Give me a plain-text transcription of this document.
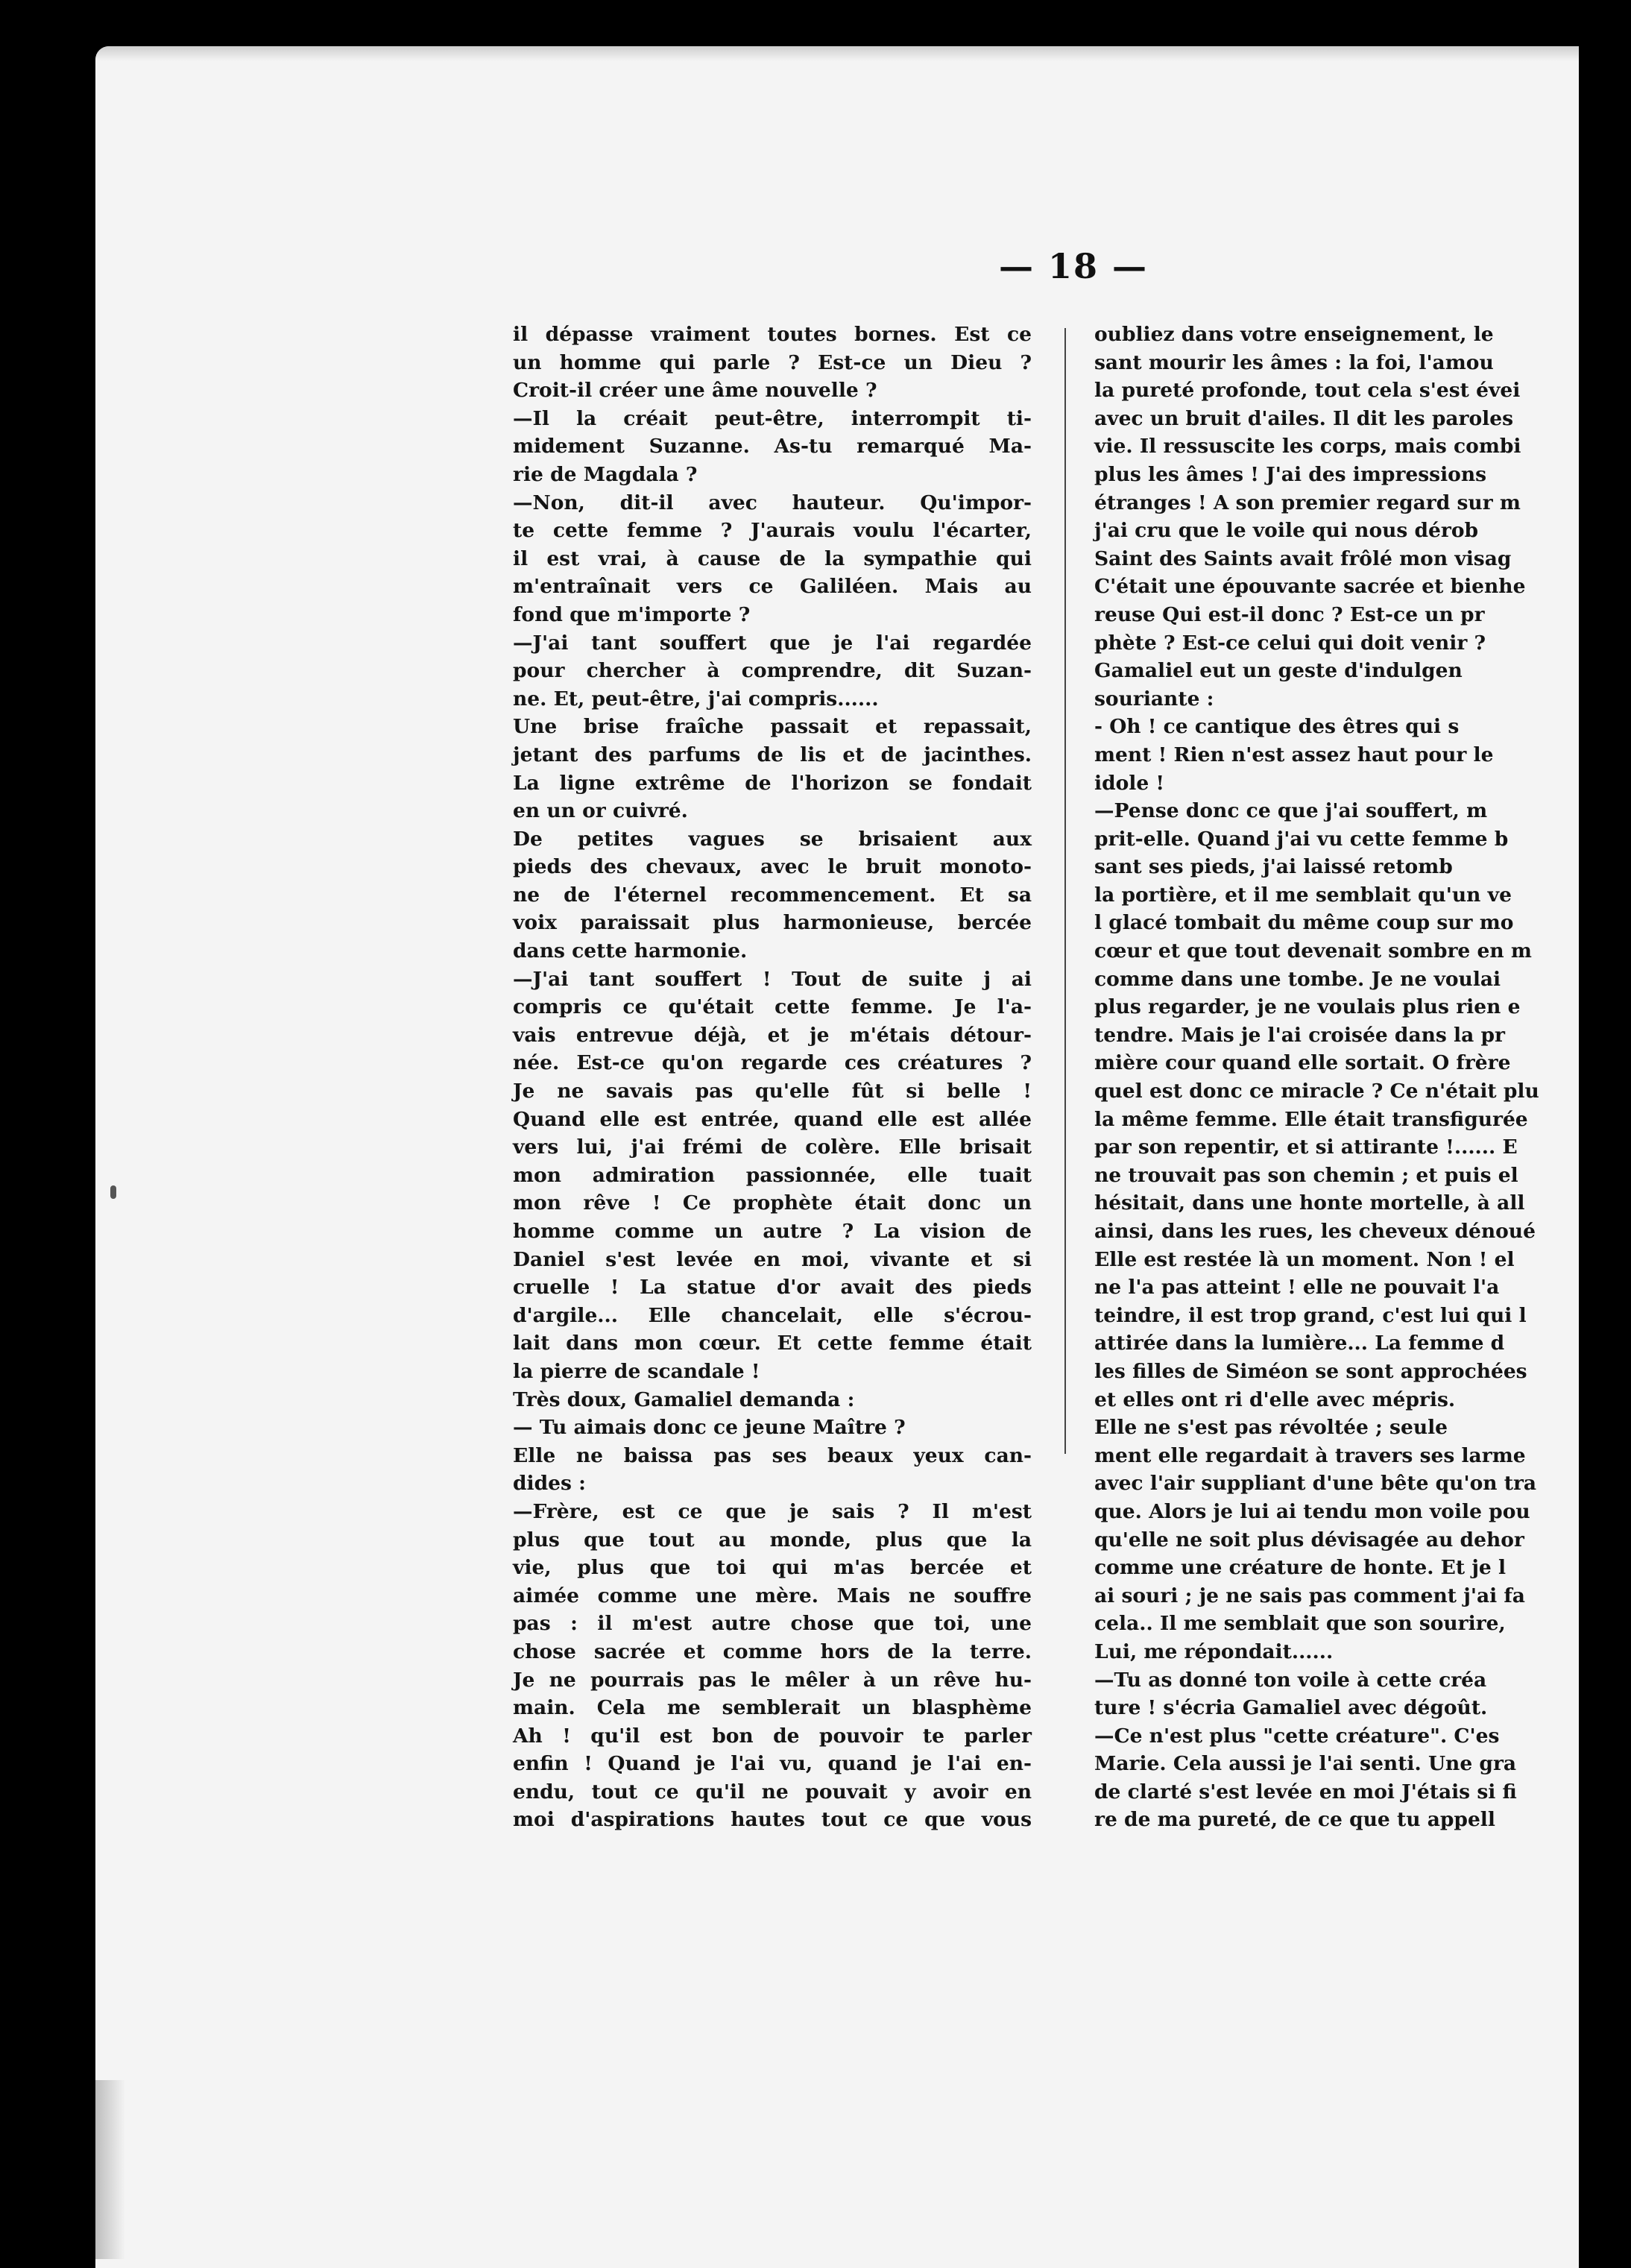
— 18 —
il dépasse vraiment toutes bornes. Est ce
un homme qui parle ? Est-ce un Dieu ?
Croit-il créer une âme nouvelle ?
—Il la créait peut-être, interrompit ti-
midement Suzanne. As-tu remarqué Ma-
rie de Magdala ?
—Non, dit-il avec hauteur. Qu'impor-
te cette femme ? J'aurais voulu l'écarter,
il est vrai, à cause de la sympathie qui
m'entraînait vers ce Galiléen. Mais au
fond que m'importe ?
—J'ai tant souffert que je l'ai regardée
pour chercher à comprendre, dit Suzan-
ne. Et, peut-être, j'ai compris......
Une brise fraîche passait et repassait,
jetant des parfums de lis et de jacinthes.
La ligne extrême de l'horizon se fondait
en un or cuivré.
De petites vagues se brisaient aux
pieds des chevaux, avec le bruit monoto-
ne de l'éternel recommencement. Et sa
voix paraissait plus harmonieuse, bercée
dans cette harmonie.
—J'ai tant souffert ! Tout de suite j ai
compris ce qu'était cette femme. Je l'a-
vais entrevue déjà, et je m'étais détour-
née. Est-ce qu'on regarde ces créatures ?
Je ne savais pas qu'elle fût si belle !
Quand elle est entrée, quand elle est allée
vers lui, j'ai frémi de colère. Elle brisait
mon admiration passionnée, elle tuait
mon rêve ! Ce prophète était donc un
homme comme un autre ? La vision de
Daniel s'est levée en moi, vivante et si
cruelle ! La statue d'or avait des pieds
d'argile... Elle chancelait, elle s'écrou-
lait dans mon cœur. Et cette femme était
la pierre de scandale !
Très doux, Gamaliel demanda :
— Tu aimais donc ce jeune Maître ?
Elle ne baissa pas ses beaux yeux can-
dides :
—Frère, est ce que je sais ? Il m'est
plus que tout au monde, plus que la
vie, plus que toi qui m'as bercée et
aimée comme une mère. Mais ne souffre
pas : il m'est autre chose que toi, une
chose sacrée et comme hors de la terre.
Je ne pourrais pas le mêler à un rêve hu-
main. Cela me semblerait un blasphème
Ah ! qu'il est bon de pouvoir te parler
enfin ! Quand je l'ai vu, quand je l'ai en-
endu, tout ce qu'il ne pouvait y avoir en
moi d'aspirations hautes tout ce que vous
oubliez dans votre enseignement, le
sant mourir les âmes : la foi, l'amou
la pureté profonde, tout cela s'est évei
avec un bruit d'ailes. Il dit les paroles
vie. Il ressuscite les corps, mais combi
plus les âmes ! J'ai des impressions
étranges ! A son premier regard sur m
j'ai cru que le voile qui nous dérob
Saint des Saints avait frôlé mon visag
C'était une épouvante sacrée et bienhe
reuse Qui est-il donc ? Est-ce un pr
phète ? Est-ce celui qui doit venir ?
Gamaliel eut un geste d'indulgen
souriante :
- Oh ! ce cantique des êtres qui s
ment ! Rien n'est assez haut pour le
idole !
—Pense donc ce que j'ai souffert, m
prit-elle. Quand j'ai vu cette femme b
sant ses pieds, j'ai laissé retomb
la portière, et il me semblait qu'un ve
l glacé tombait du même coup sur mo
cœur et que tout devenait sombre en m
comme dans une tombe. Je ne voulai
plus regarder, je ne voulais plus rien e
tendre. Mais je l'ai croisée dans la pr
mière cour quand elle sortait. O frère
quel est donc ce miracle ? Ce n'était plu
la même femme. Elle était transfigurée
par son repentir, et si attirante !...... E
ne trouvait pas son chemin ; et puis el
hésitait, dans une honte mortelle, à all
ainsi, dans les rues, les cheveux dénoué
Elle est restée là un moment. Non ! el
ne l'a pas atteint ! elle ne pouvait l'a
teindre, il est trop grand, c'est lui qui l
attirée dans la lumière... La femme d
les filles de Siméon se sont approchées
et elles ont ri d'elle avec mépris.
Elle ne s'est pas révoltée ; seule
ment elle regardait à travers ses larme
avec l'air suppliant d'une bête qu'on tra
que. Alors je lui ai tendu mon voile pou
qu'elle ne soit plus dévisagée au dehor
comme une créature de honte. Et je l
ai souri ; je ne sais pas comment j'ai fa
cela.. Il me semblait que son sourire,
Lui, me répondait......
—Tu as donné ton voile à cette créa
ture ! s'écria Gamaliel avec dégoût.
—Ce n'est plus "cette créature". C'es
Marie. Cela aussi je l'ai senti. Une gra
de clarté s'est levée en moi J'étais si fi
re de ma pureté, de ce que tu appell
